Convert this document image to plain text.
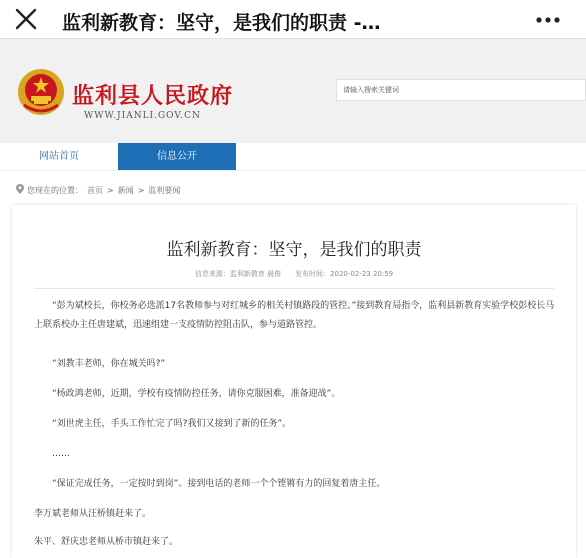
监利新教育：坚守，是我们的职责 -…
监利县人民政府
WWW.JIANLI.GOV.CN
请输入搜索关键词
网站首页	信息公开
您现在的位置： 首页 > 新闻 > 监利要闻
监利新教育：坚守，是我们的职责
信息来源：监利新教育 晨俊 发布时间：2020-02-23 20:59
“彭为斌校长，你校务必选派17名教师参与对红城乡的相关村镇路段的管控。”接到教育局指令，监利县新教育实验学校彭校长马上联系校办主任唐建斌，迅速组建一支疫情防控阻击队，参与道路管控。
“刘教丰老师，你在城关吗?”
“杨政鸿老师，近期，学校有疫情防控任务，请你克服困难，准备迎战”。
“刘世虎主任，手头工作忙完了吗?我们又接到了新的任务”。
……
“保证完成任务，一定按时到岗”。接到电话的老师一个个铿锵有力的回复着唐主任。
李万斌老师从汪桥镇赶来了。
朱平、舒庆忠老师从桥市镇赶来了。
